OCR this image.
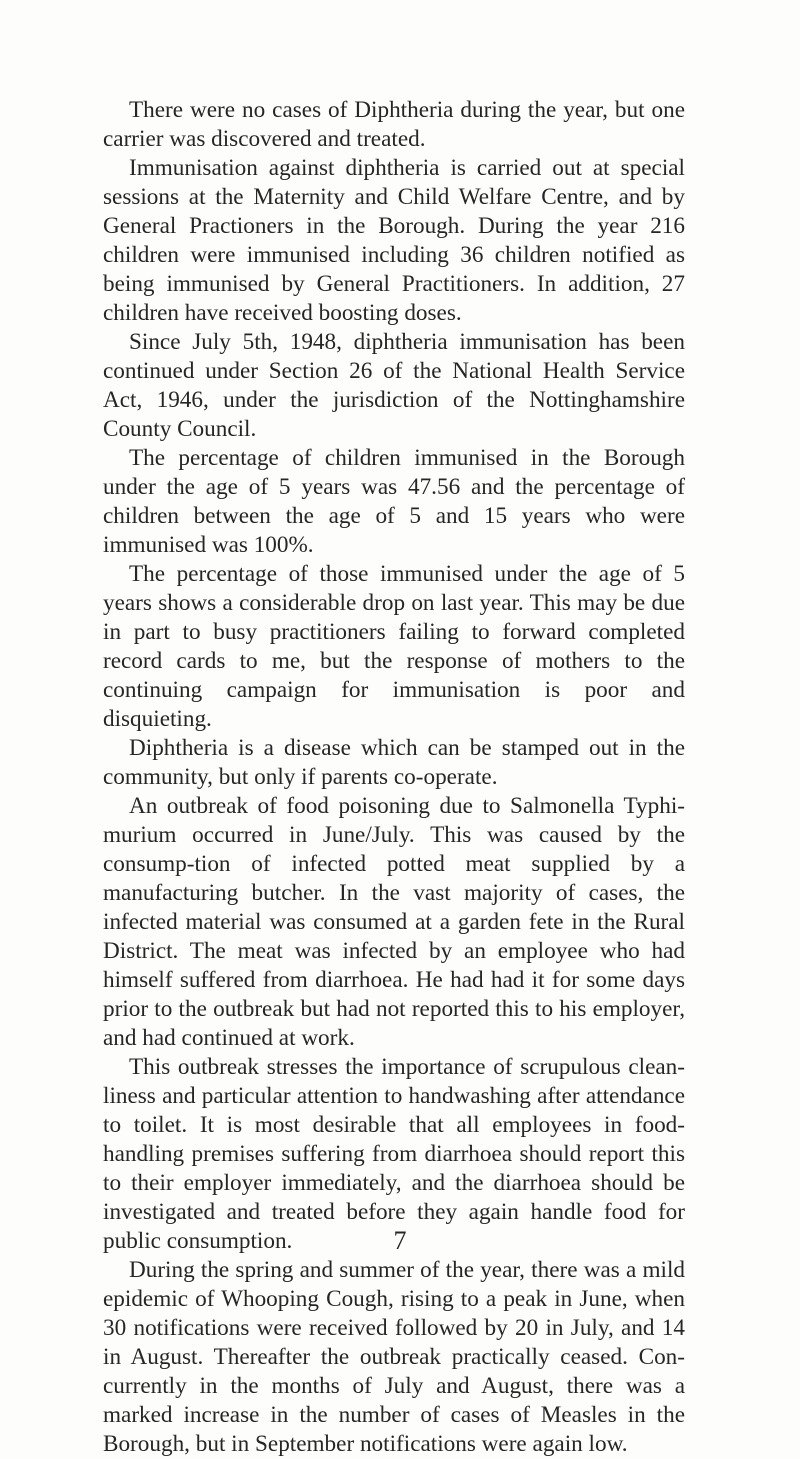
There were no cases of Diphtheria during the year, but one carrier was discovered and treated.

Immunisation against diphtheria is carried out at special sessions at the Maternity and Child Welfare Centre, and by General Practioners in the Borough. During the year 216 children were immunised including 36 children notified as being immunised by General Practitioners. In addition, 27 children have received boosting doses.

Since July 5th, 1948, diphtheria immunisation has been continued under Section 26 of the National Health Service Act, 1946, under the jurisdiction of the Nottinghamshire County Council.

The percentage of children immunised in the Borough under the age of 5 years was 47.56 and the percentage of children between the age of 5 and 15 years who were immunised was 100%.

The percentage of those immunised under the age of 5 years shows a considerable drop on last year. This may be due in part to busy practitioners failing to forward completed record cards to me, but the response of mothers to the continuing campaign for immunisation is poor and disquieting.

Diphtheria is a disease which can be stamped out in the community, but only if parents co-operate.

An outbreak of food poisoning due to Salmonella Typhi-murium occurred in June/July. This was caused by the consump-tion of infected potted meat supplied by a manufacturing butcher. In the vast majority of cases, the infected material was consumed at a garden fete in the Rural District. The meat was infected by an employee who had himself suffered from diarrhoea. He had had it for some days prior to the outbreak but had not reported this to his employer, and had continued at work.

This outbreak stresses the importance of scrupulous clean-liness and particular attention to handwashing after attendance to toilet. It is most desirable that all employees in food-handling premises suffering from diarrhoea should report this to their employer immediately, and the diarrhoea should be investigated and treated before they again handle food for public consumption.

During the spring and summer of the year, there was a mild epidemic of Whooping Cough, rising to a peak in June, when 30 notifications were received followed by 20 in July, and 14 in August. Thereafter the outbreak practically ceased. Con-currently in the months of July and August, there was a marked increase in the number of cases of Measles in the Borough, but in September notifications were again low.

7
